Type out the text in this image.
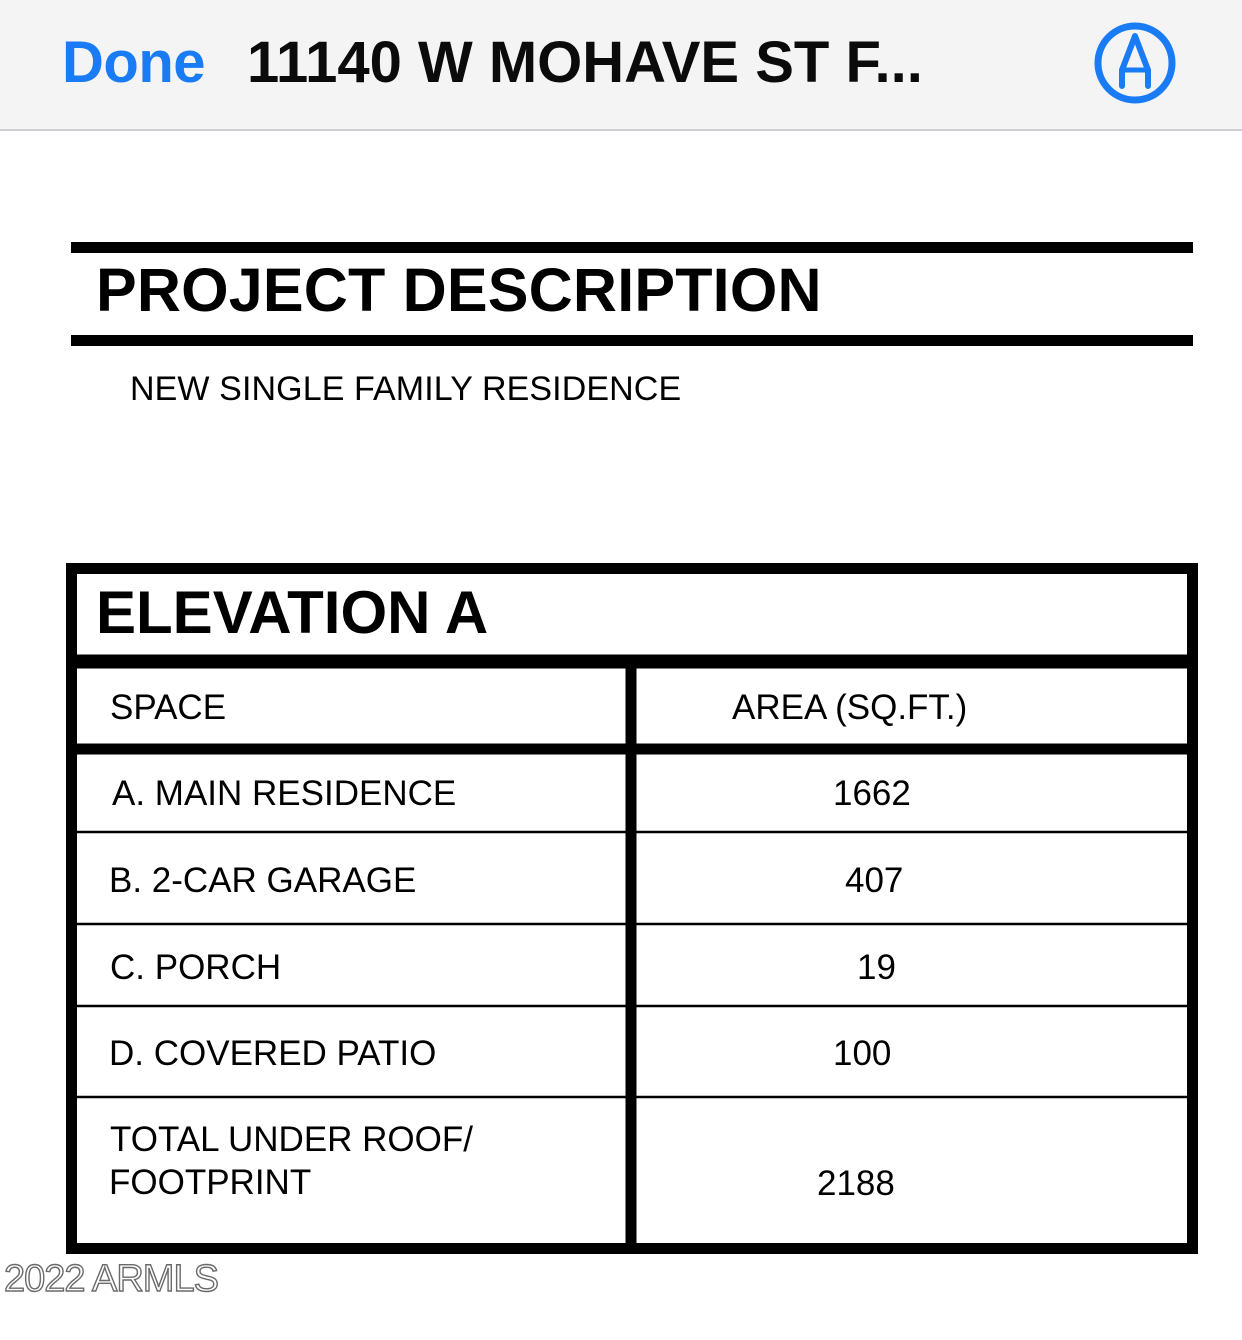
Done 11140 W MOHAVE ST F...
PROJECT DESCRIPTION
NEW SINGLE FAMILY RESIDENCE
ELEVATION A
SPACE	AREA (SQ.FT.)
A. MAIN RESIDENCE	1662
B. 2-CAR GARAGE	407
C. PORCH	19
D. COVERED PATIO	100
TOTAL UNDER ROOF/
FOOTPRINT	2188
2022 ARMLS
